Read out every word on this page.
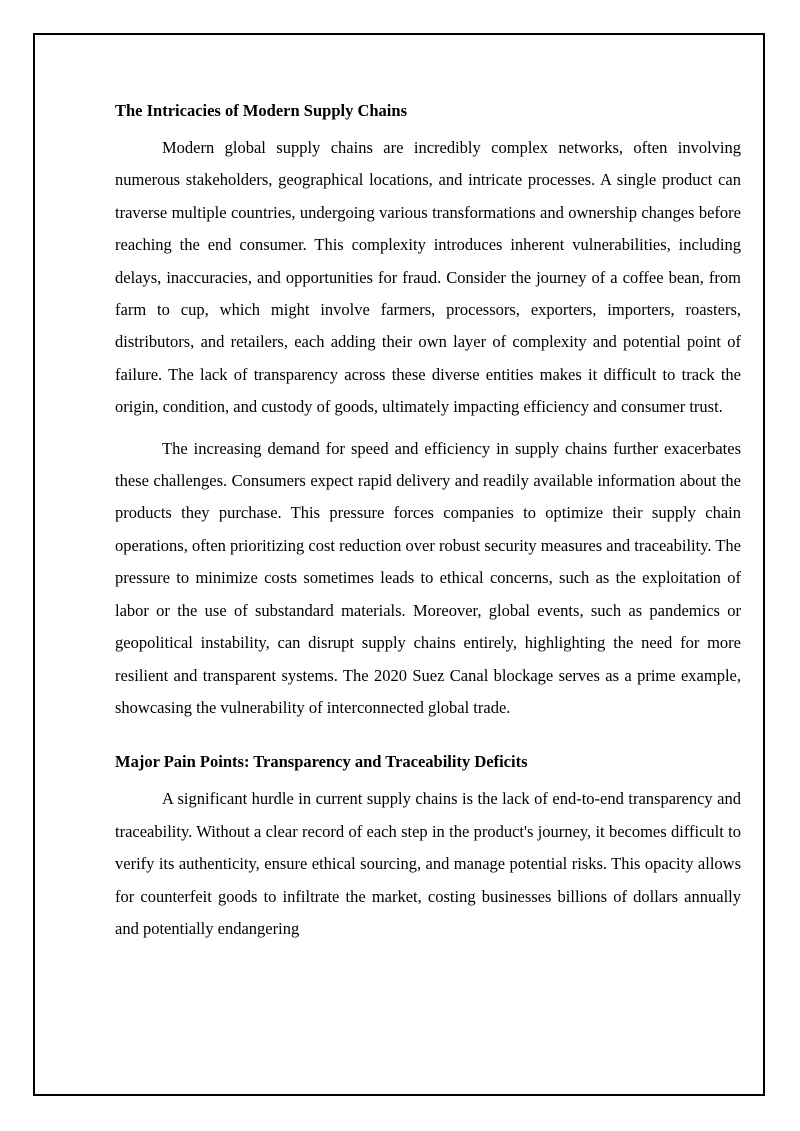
The Intricacies of Modern Supply Chains

Modern global supply chains are incredibly complex networks, often involving numerous stakeholders, geographical locations, and intricate processes. A single product can traverse multiple countries, undergoing various transformations and ownership changes before reaching the end consumer. This complexity introduces inherent vulnerabilities, including delays, inaccuracies, and opportunities for fraud. Consider the journey of a coffee bean, from farm to cup, which might involve farmers, processors, exporters, importers, roasters, distributors, and retailers, each adding their own layer of complexity and potential point of failure. The lack of transparency across these diverse entities makes it difficult to track the origin, condition, and custody of goods, ultimately impacting efficiency and consumer trust.

The increasing demand for speed and efficiency in supply chains further exacerbates these challenges. Consumers expect rapid delivery and readily available information about the products they purchase. This pressure forces companies to optimize their supply chain operations, often prioritizing cost reduction over robust security measures and traceability. The pressure to minimize costs sometimes leads to ethical concerns, such as the exploitation of labor or the use of substandard materials. Moreover, global events, such as pandemics or geopolitical instability, can disrupt supply chains entirely, highlighting the need for more resilient and transparent systems. The 2020 Suez Canal blockage serves as a prime example, showcasing the vulnerability of interconnected global trade.

Major Pain Points: Transparency and Traceability Deficits

A significant hurdle in current supply chains is the lack of end-to-end transparency and traceability. Without a clear record of each step in the product's journey, it becomes difficult to verify its authenticity, ensure ethical sourcing, and manage potential risks. This opacity allows for counterfeit goods to infiltrate the market, costing businesses billions of dollars annually and potentially endangering
